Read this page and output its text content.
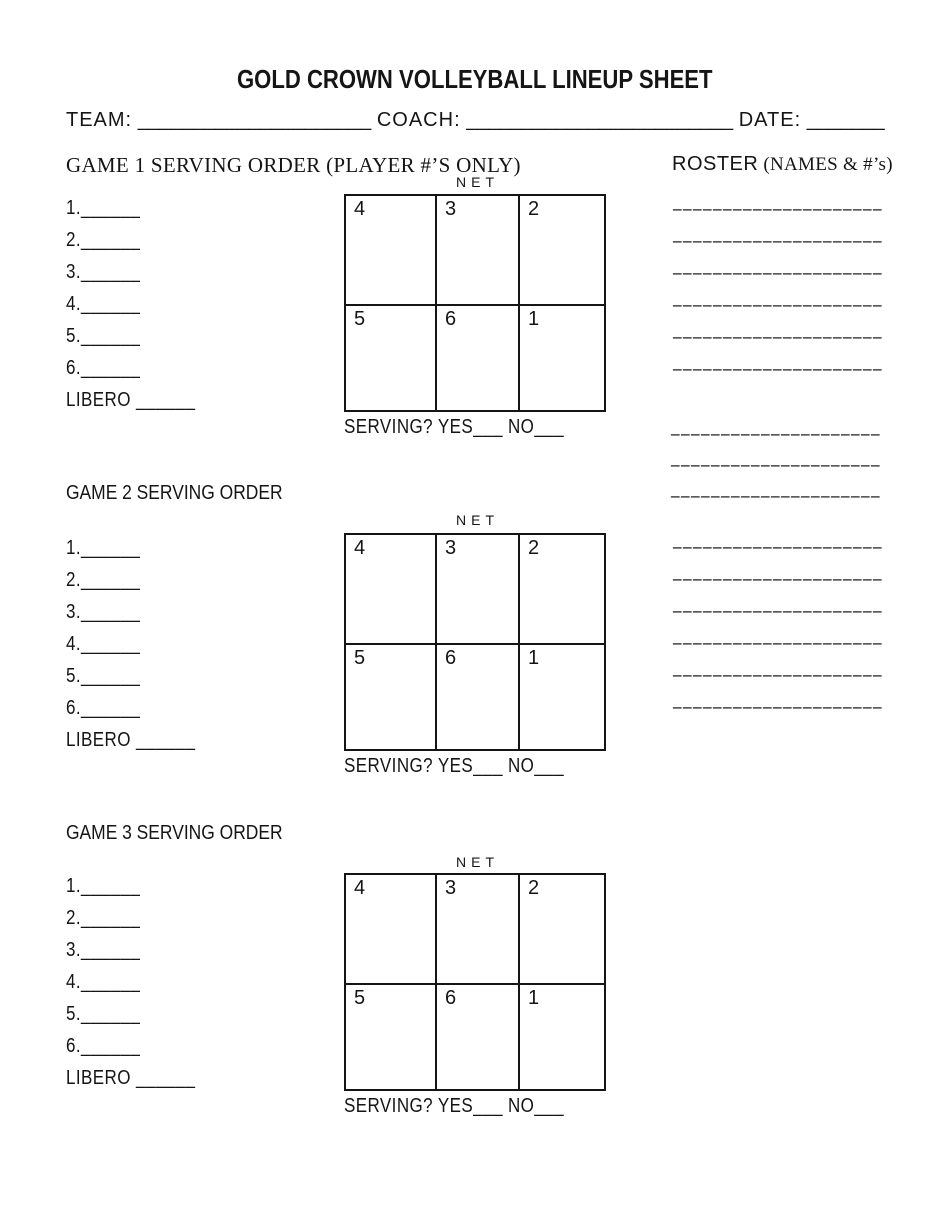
GOLD CROWN VOLLEYBALL LINEUP SHEET
TEAM: _____________________ COACH: ________________________ DATE: _______
ROSTER (NAMES & #’s)
_____________________
_____________________
_____________________
_____________________
_____________________
_____________________
_____________________
_____________________
_____________________
_____________________
_____________________
_____________________
_____________________
_____________________
_____________________
GAME 1 SERVING ORDER (PLAYER #’S ONLY)
1.______
2.______
3.______
4.______
5.______
6.______
LIBERO ______
NET
4	3	2
5	6	1
SERVING? YES___ NO___
GAME 2 SERVING ORDER
1.______
2.______
3.______
4.______
5.______
6.______
LIBERO ______
NET
4	3	2
5	6	1
SERVING? YES___ NO___
GAME 3 SERVING ORDER
1.______
2.______
3.______
4.______
5.______
6.______
LIBERO ______
NET
4	3	2
5	6	1
SERVING? YES___ NO___
